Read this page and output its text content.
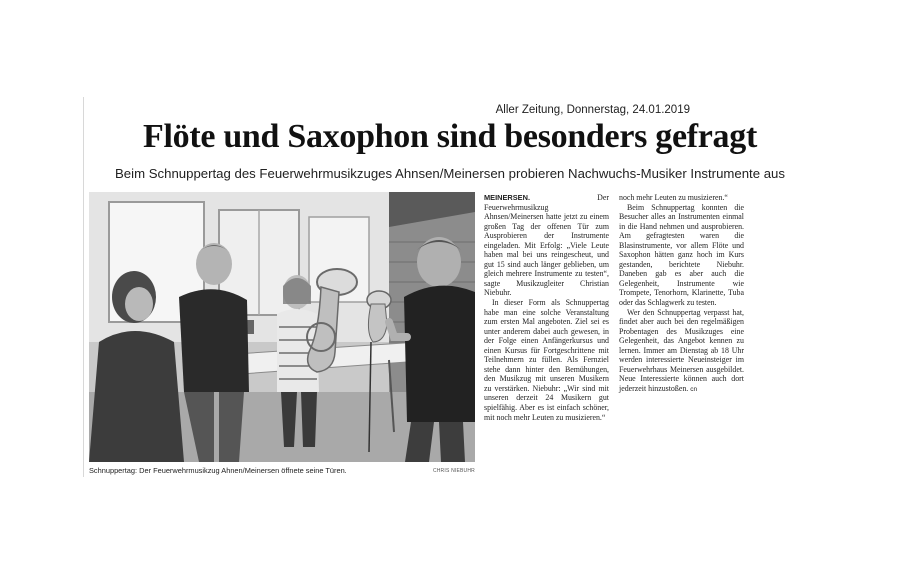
Aller Zeitung, Donnerstag, 24.01.2019
Flöte und Saxophon sind besonders gefragt
Beim Schnuppertag des Feuerwehrmusikzuges Ahnsen/Meinersen probieren Nachwuchs-Musiker Instrumente aus
Schnuppertag: Der Feuerwehrmusikzug Ahnen/Meinersen öffnete seine Türen.	CHRIS NIEBUHR

MEINERSEN.	Der Feuerwehrmusikzug Ahnsen/Meinersen hatte jetzt zu einem großen Tag der offenen Tür zum Ausprobieren der Instrumente eingeladen. Mit Erfolg: „Viele Leute haben mal bei uns reingescheut, und gut 15 sind auch länger geblieben, um gleich mehrere Instrumente zu testen“, sagte Musikzugleiter Christian Niebuhr.

In dieser Form als Schnuppertag habe man eine solche Veranstaltung zum ersten Mal angeboten. Ziel sei es unter anderem dabei auch gewesen, in der Folge einen Anfängerkursus und einen Kursus für Fortgeschrittene mit Teilnehmern zu füllen. Als Fernziel stehe dann hinter den Bemühungen, den Musikzug mit unseren Musikern zu verstärken. Niebuhr: „Wir sind mit unseren derzeit 24 Musikern gut spielfähig. Aber es ist einfach schöner, mit noch mehr Leuten zu musizieren.“

noch mehr Leuten zu musizieren.“

Beim Schnuppertag konnten die Besucher alles an Instrumenten einmal in die Hand nehmen und ausprobieren. Am gefragtesten waren die Blasinstrumente, vor allem Flöte und Saxophon hätten ganz hoch im Kurs gestanden, berichtete Niebuhr. Daneben gab es aber auch die Gelegenheit, Instrumente wie Trompete, Tenorhorn, Klarinette, Tuba oder das Schlagwerk zu testen.

Wer den Schnuppertag verpasst hat, findet aber auch bei den regelmäßigen Probentagen des Musikzuges eine Gelegenheit, das Angebot kennen zu lernen. Immer am Dienstag ab 18 Uhr werden interessierte Neueinsteiger im Feuerwehrhaus Meinersen ausgebildet. Neue Interessierte können auch dort jederzeit hinzustoßen. cn
